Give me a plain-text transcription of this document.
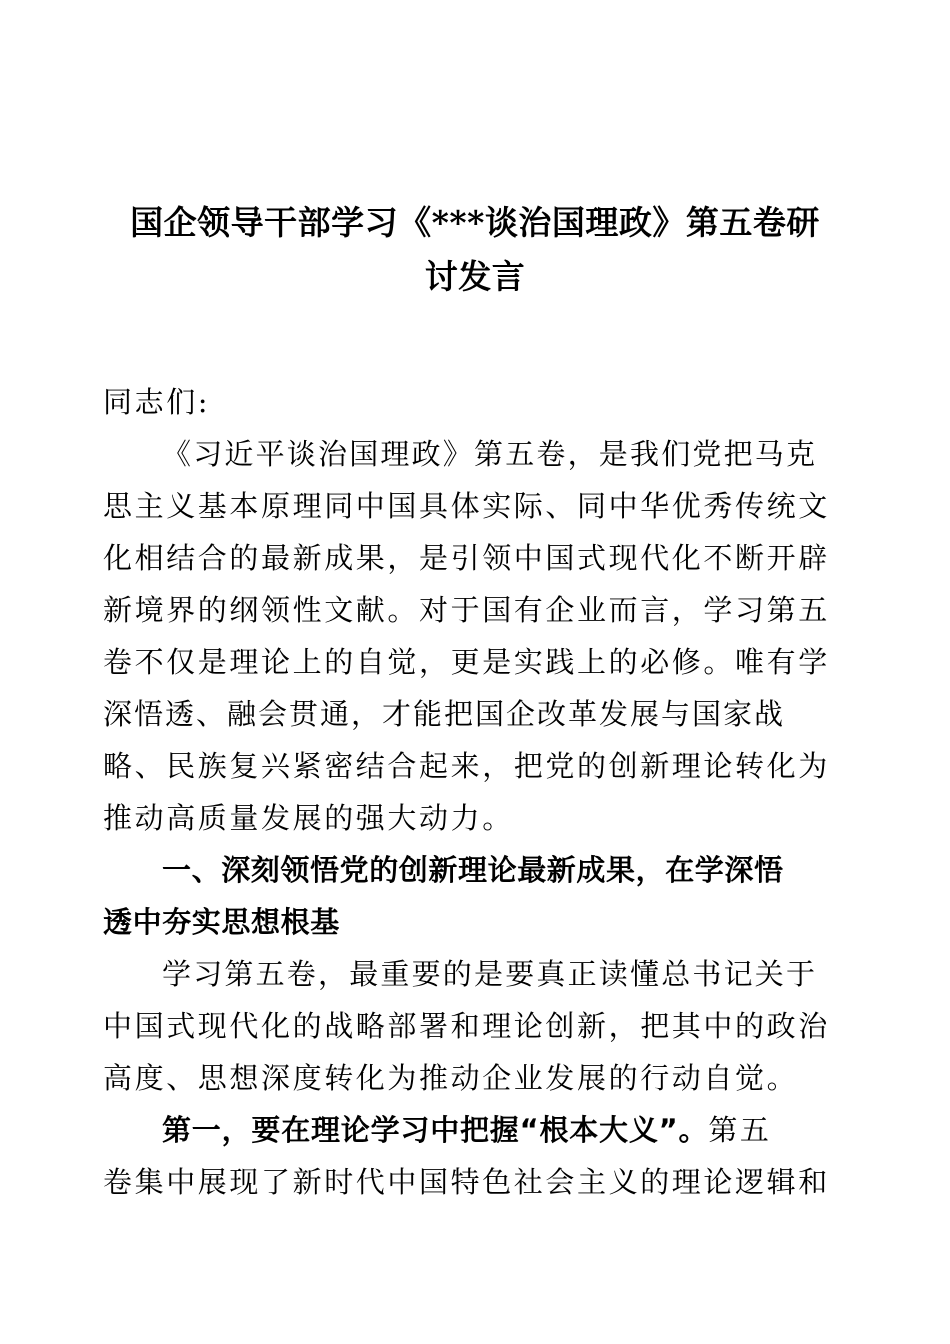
国企领导干部学习《***谈治国理政》第五卷研
讨发言
同志们:
《习近平谈治国理政》第五卷，是我们党把马克
思主义基本原理同中国具体实际、同中华优秀传统文
化相结合的最新成果，是引领中国式现代化不断开辟
新境界的纲领性文献。对于国有企业而言，学习第五
卷不仅是理论上的自觉，更是实践上的必修。唯有学
深悟透、融会贯通，才能把国企改革发展与国家战
略、民族复兴紧密结合起来，把党的创新理论转化为
推动高质量发展的强大动力。
一、深刻领悟党的创新理论最新成果，在学深悟
透中夯实思想根基
学习第五卷，最重要的是要真正读懂总书记关于
中国式现代化的战略部署和理论创新，把其中的政治
高度、思想深度转化为推动企业发展的行动自觉。
第一，要在理论学习中把握“根本大义”。第五
卷集中展现了新时代中国特色社会主义的理论逻辑和
